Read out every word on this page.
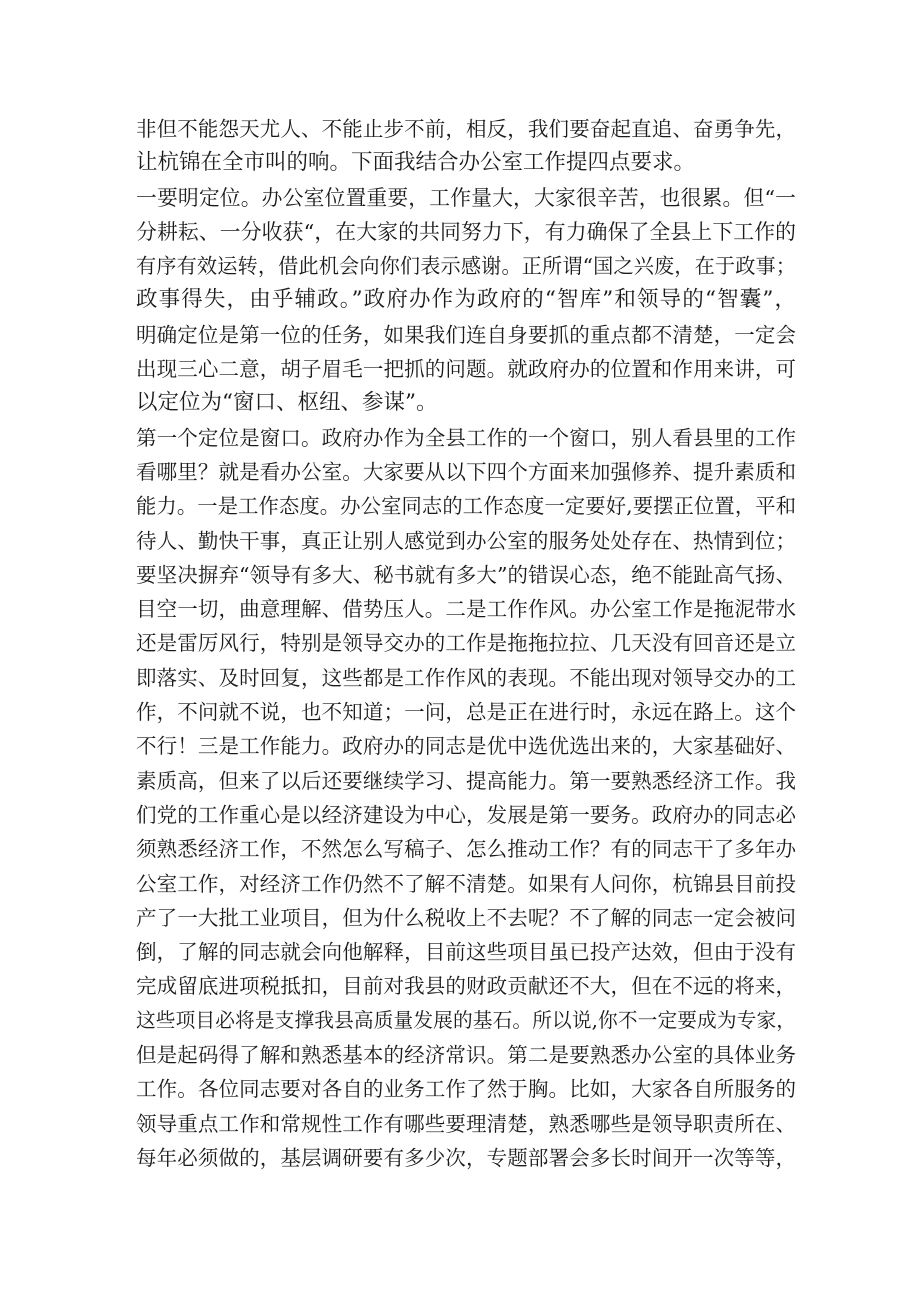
非但不能怨天尤人、不能止步不前，相反，我们要奋起直追、奋勇争先，
让杭锦在全市叫的响。下面我结合办公室工作提四点要求。
一要明定位。办公室位置重要，工作量大，大家很辛苦，也很累。但“一
分耕耘、一分收获“，在大家的共同努力下，有力确保了全县上下工作的
有序有效运转，借此机会向你们表示感谢。正所谓“国之兴废，在于政事；
政事得失，由乎辅政。”政府办作为政府的“智库”和领导的“智囊”，
明确定位是第一位的任务，如果我们连自身要抓的重点都不清楚，一定会
出现三心二意，胡子眉毛一把抓的问题。就政府办的位置和作用来讲，可
以定位为“窗口、枢纽、参谋”。
第一个定位是窗口。政府办作为全县工作的一个窗口，别人看县里的工作
看哪里？就是看办公室。大家要从以下四个方面来加强修养、提升素质和
能力。一是工作态度。办公室同志的工作态度一定要好,要摆正位置，平和
待人、勤快干事，真正让别人感觉到办公室的服务处处存在、热情到位；
要坚决摒弃“领导有多大、秘书就有多大”的错误心态，绝不能趾高气扬、
目空一切，曲意理解、借势压人。二是工作作风。办公室工作是拖泥带水
还是雷厉风行，特别是领导交办的工作是拖拖拉拉、几天没有回音还是立
即落实、及时回复，这些都是工作作风的表现。不能出现对领导交办的工
作，不问就不说，也不知道；一问，总是正在进行时，永远在路上。这个
不行！三是工作能力。政府办的同志是优中选优选出来的，大家基础好、
素质高，但来了以后还要继续学习、提高能力。第一要熟悉经济工作。我
们党的工作重心是以经济建设为中心，发展是第一要务。政府办的同志必
须熟悉经济工作，不然怎么写稿子、怎么推动工作？有的同志干了多年办
公室工作，对经济工作仍然不了解不清楚。如果有人问你，杭锦县目前投
产了一大批工业项目，但为什么税收上不去呢？不了解的同志一定会被问
倒，了解的同志就会向他解释，目前这些项目虽已投产达效，但由于没有
完成留底进项税抵扣，目前对我县的财政贡献还不大，但在不远的将来，
这些项目必将是支撑我县高质量发展的基石。所以说,你不一定要成为专家，
但是起码得了解和熟悉基本的经济常识。第二是要熟悉办公室的具体业务
工作。各位同志要对各自的业务工作了然于胸。比如，大家各自所服务的
领导重点工作和常规性工作有哪些要理清楚，熟悉哪些是领导职责所在、
每年必须做的，基层调研要有多少次，专题部署会多长时间开一次等等，
